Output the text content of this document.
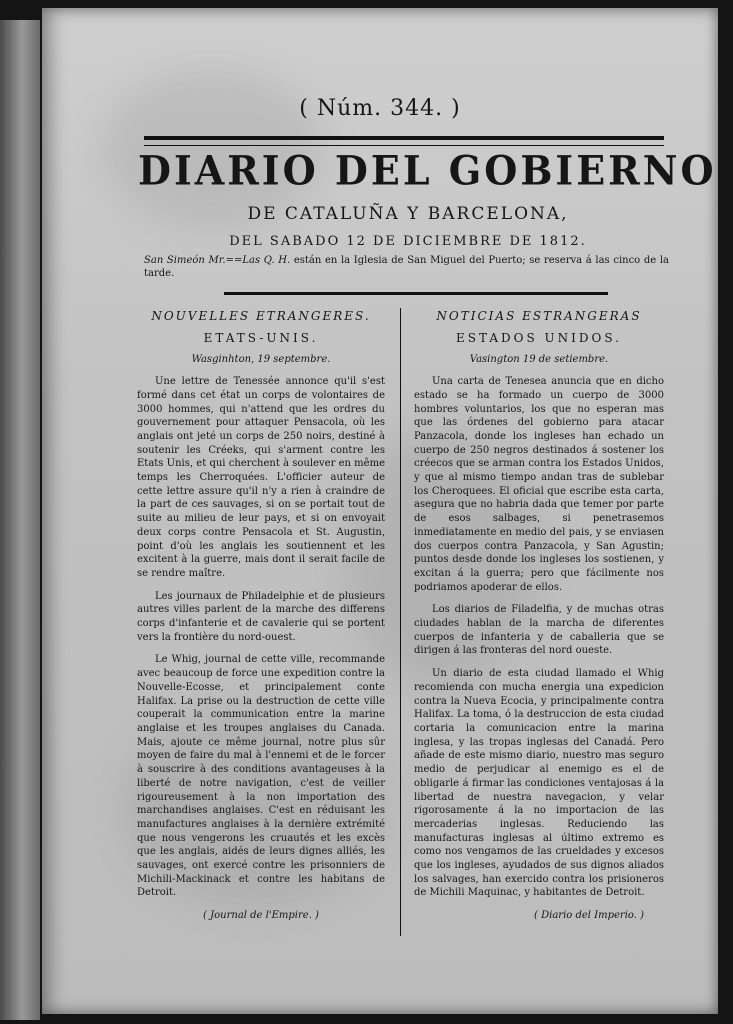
( Núm. 344. )
DIARIO DEL GOBIERNO
DE CATALUÑA Y BARCELONA,
DEL SABADO 12 DE DICIEMBRE DE 1812.
San Simeón Mr.==Las Q. H. están en la Iglesia de San Miguel del Puerto; se reserva á las cinco de la tarde.
NOUVELLES ETRANGERES.
ETATS-UNIS.
Wasginhton, 19 septembre.

Une lettre de Tenessée annonce qu'il s'est formé dans cet état un corps de volontaires de 3000 hommes, qui n'attend que les ordres du gouvernement pour attaquer Pensacola, où les anglais ont jeté un corps de 250 noirs, destiné à soutenir les Créeks, qui s'arment contre les Etats Unis, et qui cherchent à soulever en même temps les Cherroquées. L'officier auteur de cette lettre assure qu'il n'y a rien à craindre de la part de ces sauvages, si on se portait tout de suite au milieu de leur pays, et si on envoyait deux corps contre Pensacola et St. Augustin, point d'où les anglais les soutiennent et les excitent à la guerre, mais dont il serait facile de se rendre maître.

Les journaux de Philadelphie et de plusieurs autres villes parlent de la marche des differens corps d'infanterie et de cavalerie qui se portent vers la frontière du nord-ouest.

Le Whig, journal de cette ville, recommande avec beaucoup de force une expedition contre la Nouvelle-Ecosse, et principalement conte Halifax. La prise ou la destruction de cette ville couperait la communication entre la marine anglaise et les troupes anglaises du Canada. Mais, ajoute ce même journal, notre plus sûr moyen de faire du mal à l'ennemi et de le forcer à souscrire à des conditions avantageuses à la liberté de notre navigation, c'est de veiller rigoureusement à la non importation des marchandises anglaises. C'est en réduisant les manufactures anglaises à la dernière extrémité que nous vengerons les cruautés et les excès que les anglais, aidés de leurs dignes alliés, les sauvages, ont exercé contre les prisonniers de Michili-Mackinack et contre les habitans de Detroit.

( Journal de l'Empire. )
NOTICIAS ESTRANGERAS
ESTADOS UNIDOS.
Vasington 19 de setiembre.

Una carta de Tenesea anuncia que en dicho estado se ha formado un cuerpo de 3000 hombres voluntarios, los que no esperan mas que las órdenes del gobierno para atacar Panzacola, donde los ingleses han echado un cuerpo de 250 negros destinados á sostener los créecos que se arman contra los Estados Unidos, y que al mismo tiempo andan tras de sublebar los Cheroquees. El oficial que escribe esta carta, asegura que no habria dada que temer por parte de esos salbages, si penetrasemos inmediatamente en medio del pais, y se enviasen dos cuerpos contra Panzacola, y San Agustin; puntos desde donde los ingleses los sostienen, y excitan á la guerra; pero que fácilmente nos podriamos apoderar de ellos.

Los diarios de Filadelfia, y de muchas otras ciudades hablan de la marcha de diferentes cuerpos de infanteria y de caballeria que se dirigen á las fronteras del nord oueste.

Un diario de esta ciudad llamado el Whig recomienda con mucha energia una expedicion contra la Nueva Ecocia, y principalmente contra Halifax. La toma, ó la destruccion de esta ciudad cortaria la comunicacion entre la marina inglesa, y las tropas inglesas del Canadá. Pero añade de este mismo diario, nuestro mas seguro medio de perjudicar al enemigo es el de obligarle á firmar las condiciones ventajosas á la libertad de nuestra navegacion, y velar rigorosamente á la no importacion de las mercaderias inglesas. Reduciendo las manufacturas inglesas al último extremo es como nos vengamos de las crueldades y excesos que los ingleses, ayudados de sus dignos aliados los salvages, han exercido contra los prisioneros de Michili Maquinac, y habitantes de Detroit.

( Diario del Imperio. )
